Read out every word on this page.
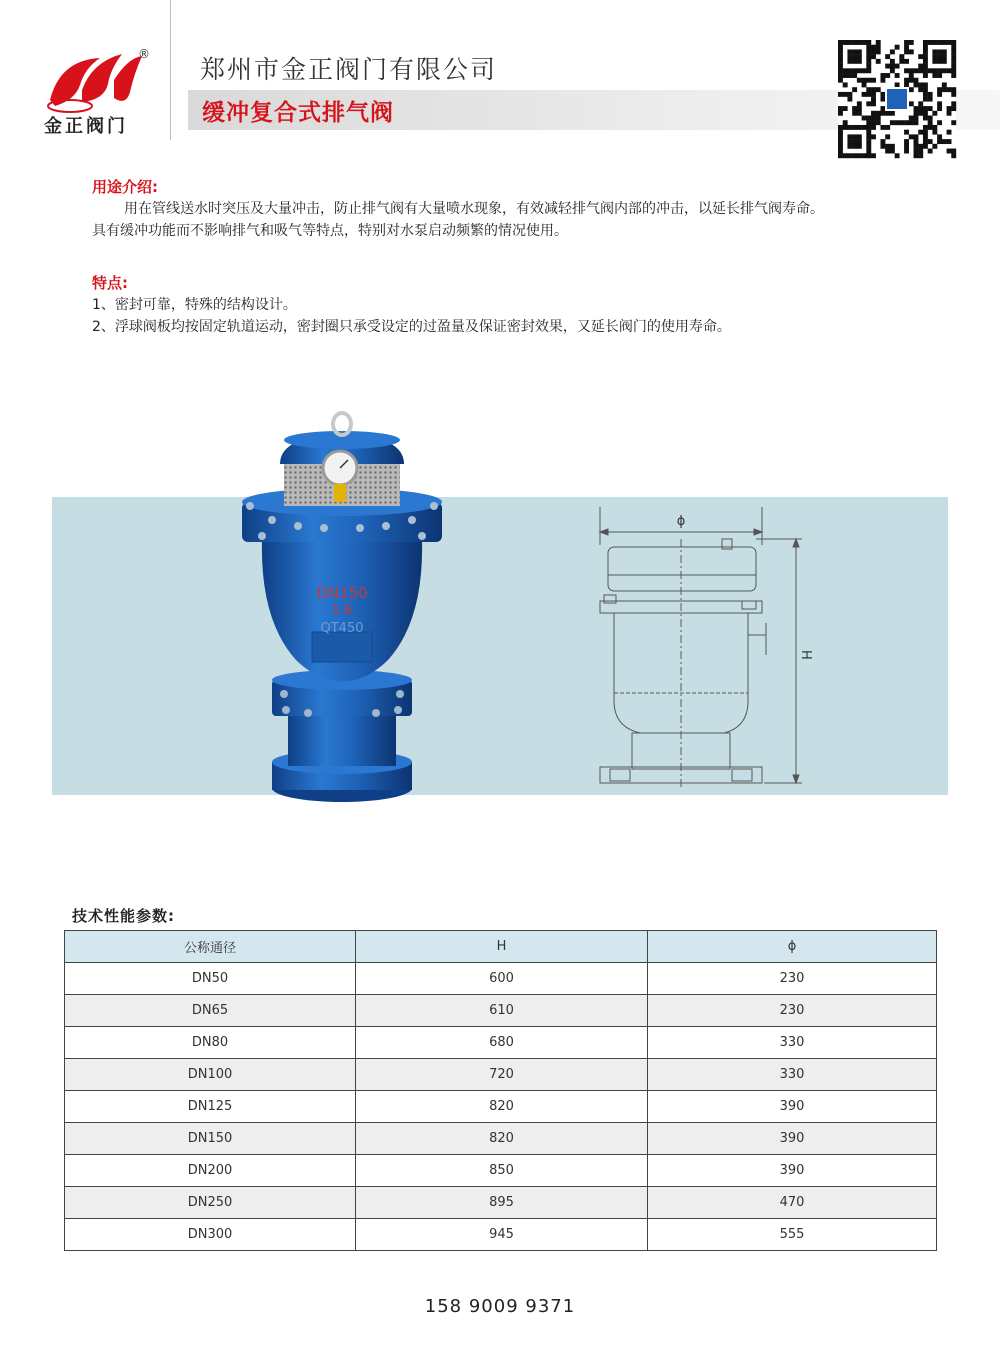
®
金正阀门
郑州市金正阀门有限公司
缓冲复合式排气阀
用途介绍:
用在管线送水时突压及大量冲击，防止排气阀有大量喷水现象，有效减轻排气阀内部的冲击，以延长排气阀寿命。
具有缓冲功能而不影响排气和吸气等特点，特别对水泵启动频繁的情况使用。
特点:
1、密封可靠，特殊的结构设计。
2、浮球阀板均按固定轨道运动，密封圈只承受设定的过盈量及保证密封效果，又延长阀门的使用寿命。
DN150
1.6
QT450
ϕ
H
技术性能参数:
公称通径	H	ϕ
DN50	600	230
DN65	610	230
DN80	680	330
DN100	720	330
DN125	820	390
DN150	820	390
DN200	850	390
DN250	895	470
DN300	945	555
158 9009 9371
